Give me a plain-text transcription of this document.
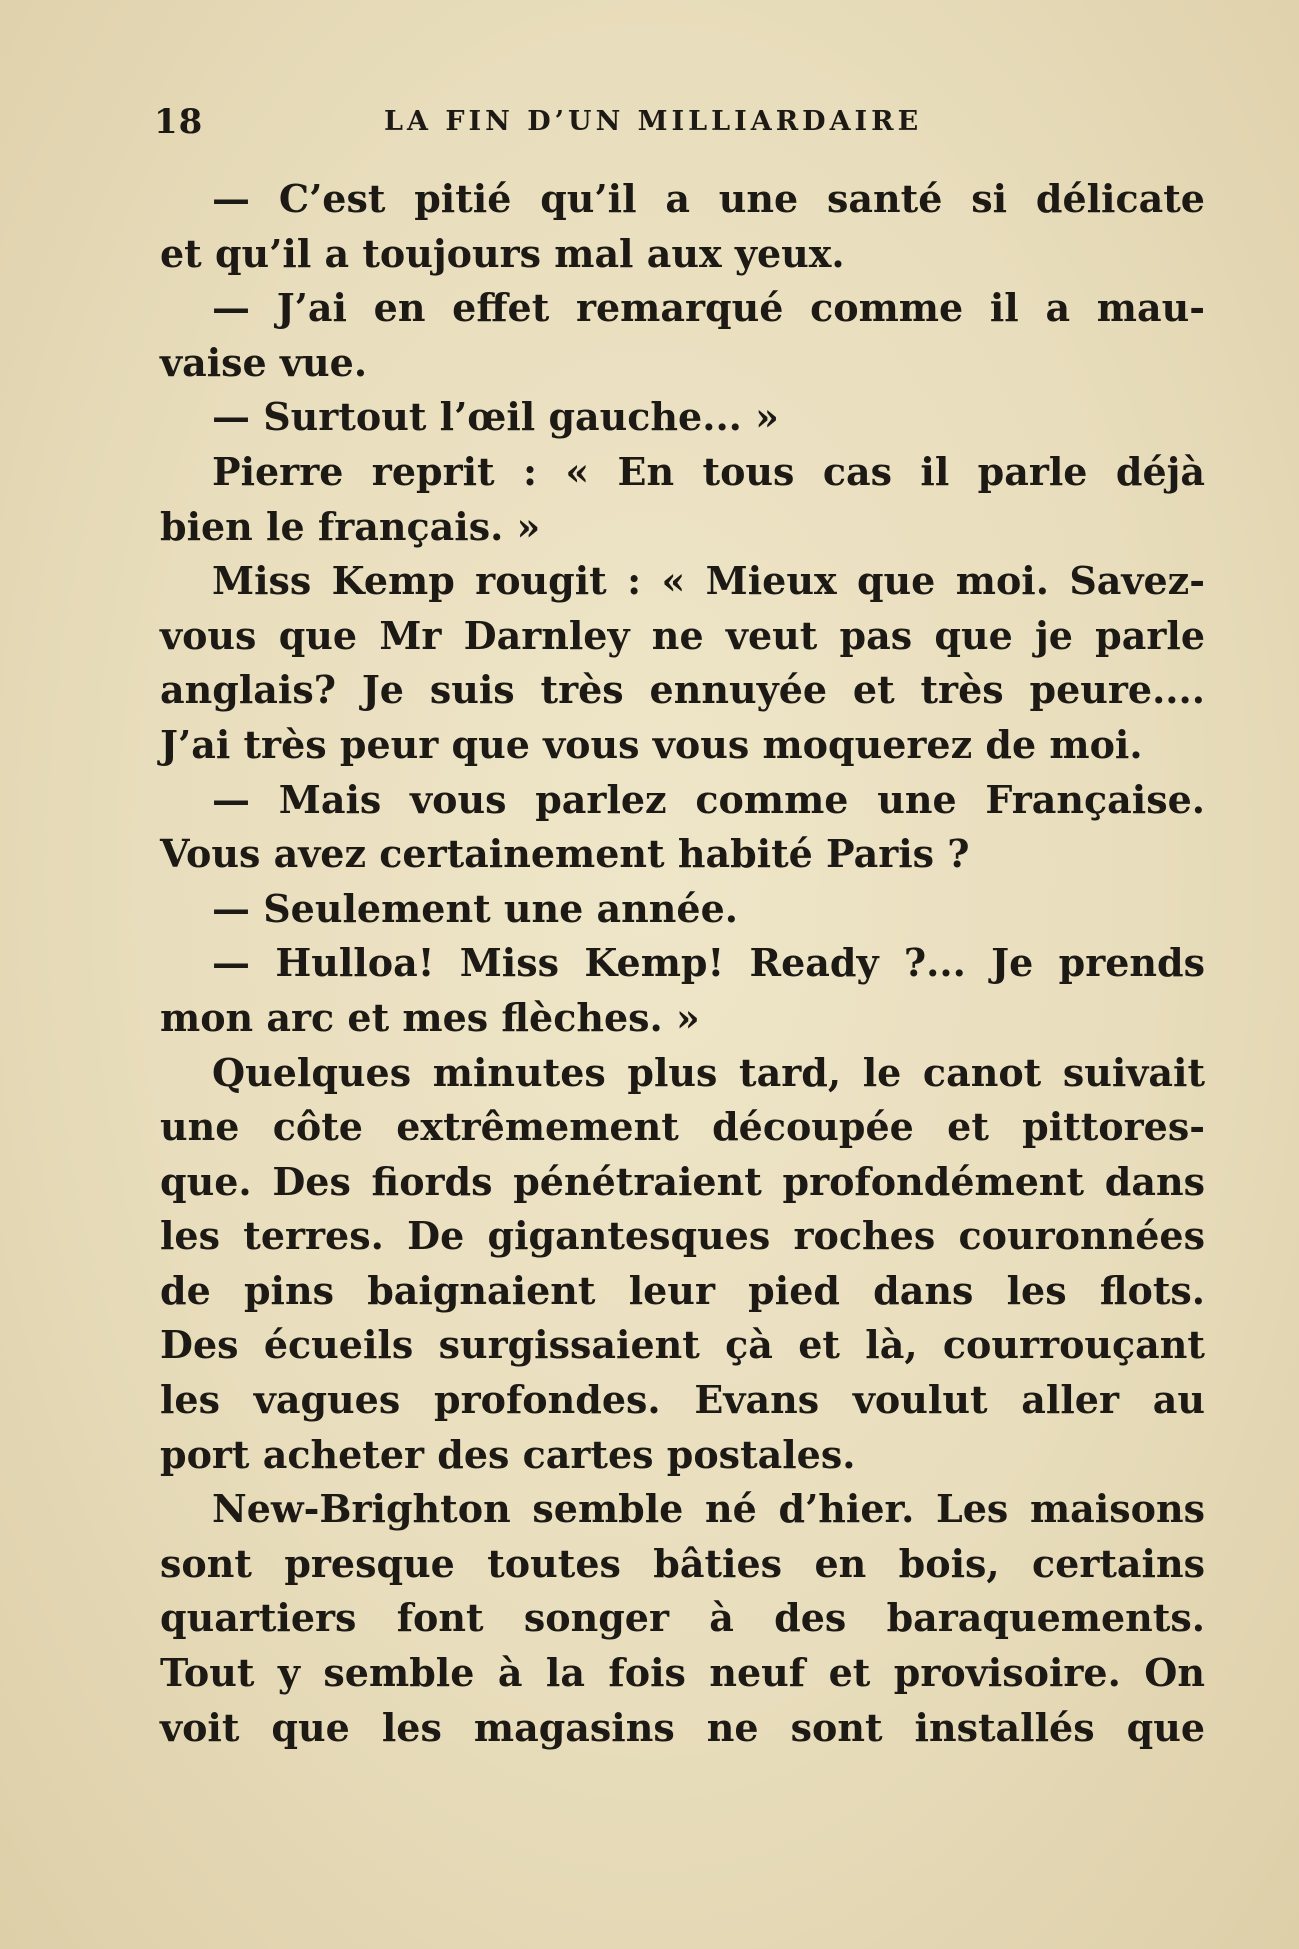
18	LA FIN D’UN MILLIARDAIRE
— C’est pitié qu’il a une santé si délicate
et qu’il a toujours mal aux yeux.
— J’ai en effet remarqué comme il a mau-
vaise vue.
— Surtout l’œil gauche... »
Pierre reprit : « En tous cas il parle déjà
bien le français. »
Miss Kemp rougit : « Mieux que moi. Savez-
vous que Mr Darnley ne veut pas que je parle
anglais? Je suis très ennuyée et très peure....
J’ai très peur que vous vous moquerez de moi.
— Mais vous parlez comme une Française.
Vous avez certainement habité Paris ?
— Seulement une année.
— Hulloa! Miss Kemp! Ready ?... Je prends
mon arc et mes flèches. »
Quelques minutes plus tard, le canot suivait
une côte extrêmement découpée et pittores-
que. Des fiords pénétraient profondément dans
les terres. De gigantesques roches couronnées
de pins baignaient leur pied dans les flots.
Des écueils surgissaient çà et là, courrouçant
les vagues profondes. Evans voulut aller au
port acheter des cartes postales.
New-Brighton semble né d’hier. Les maisons
sont presque toutes bâties en bois, certains
quartiers font songer à des baraquements.
Tout y semble à la fois neuf et provisoire. On
voit que les magasins ne sont installés que
